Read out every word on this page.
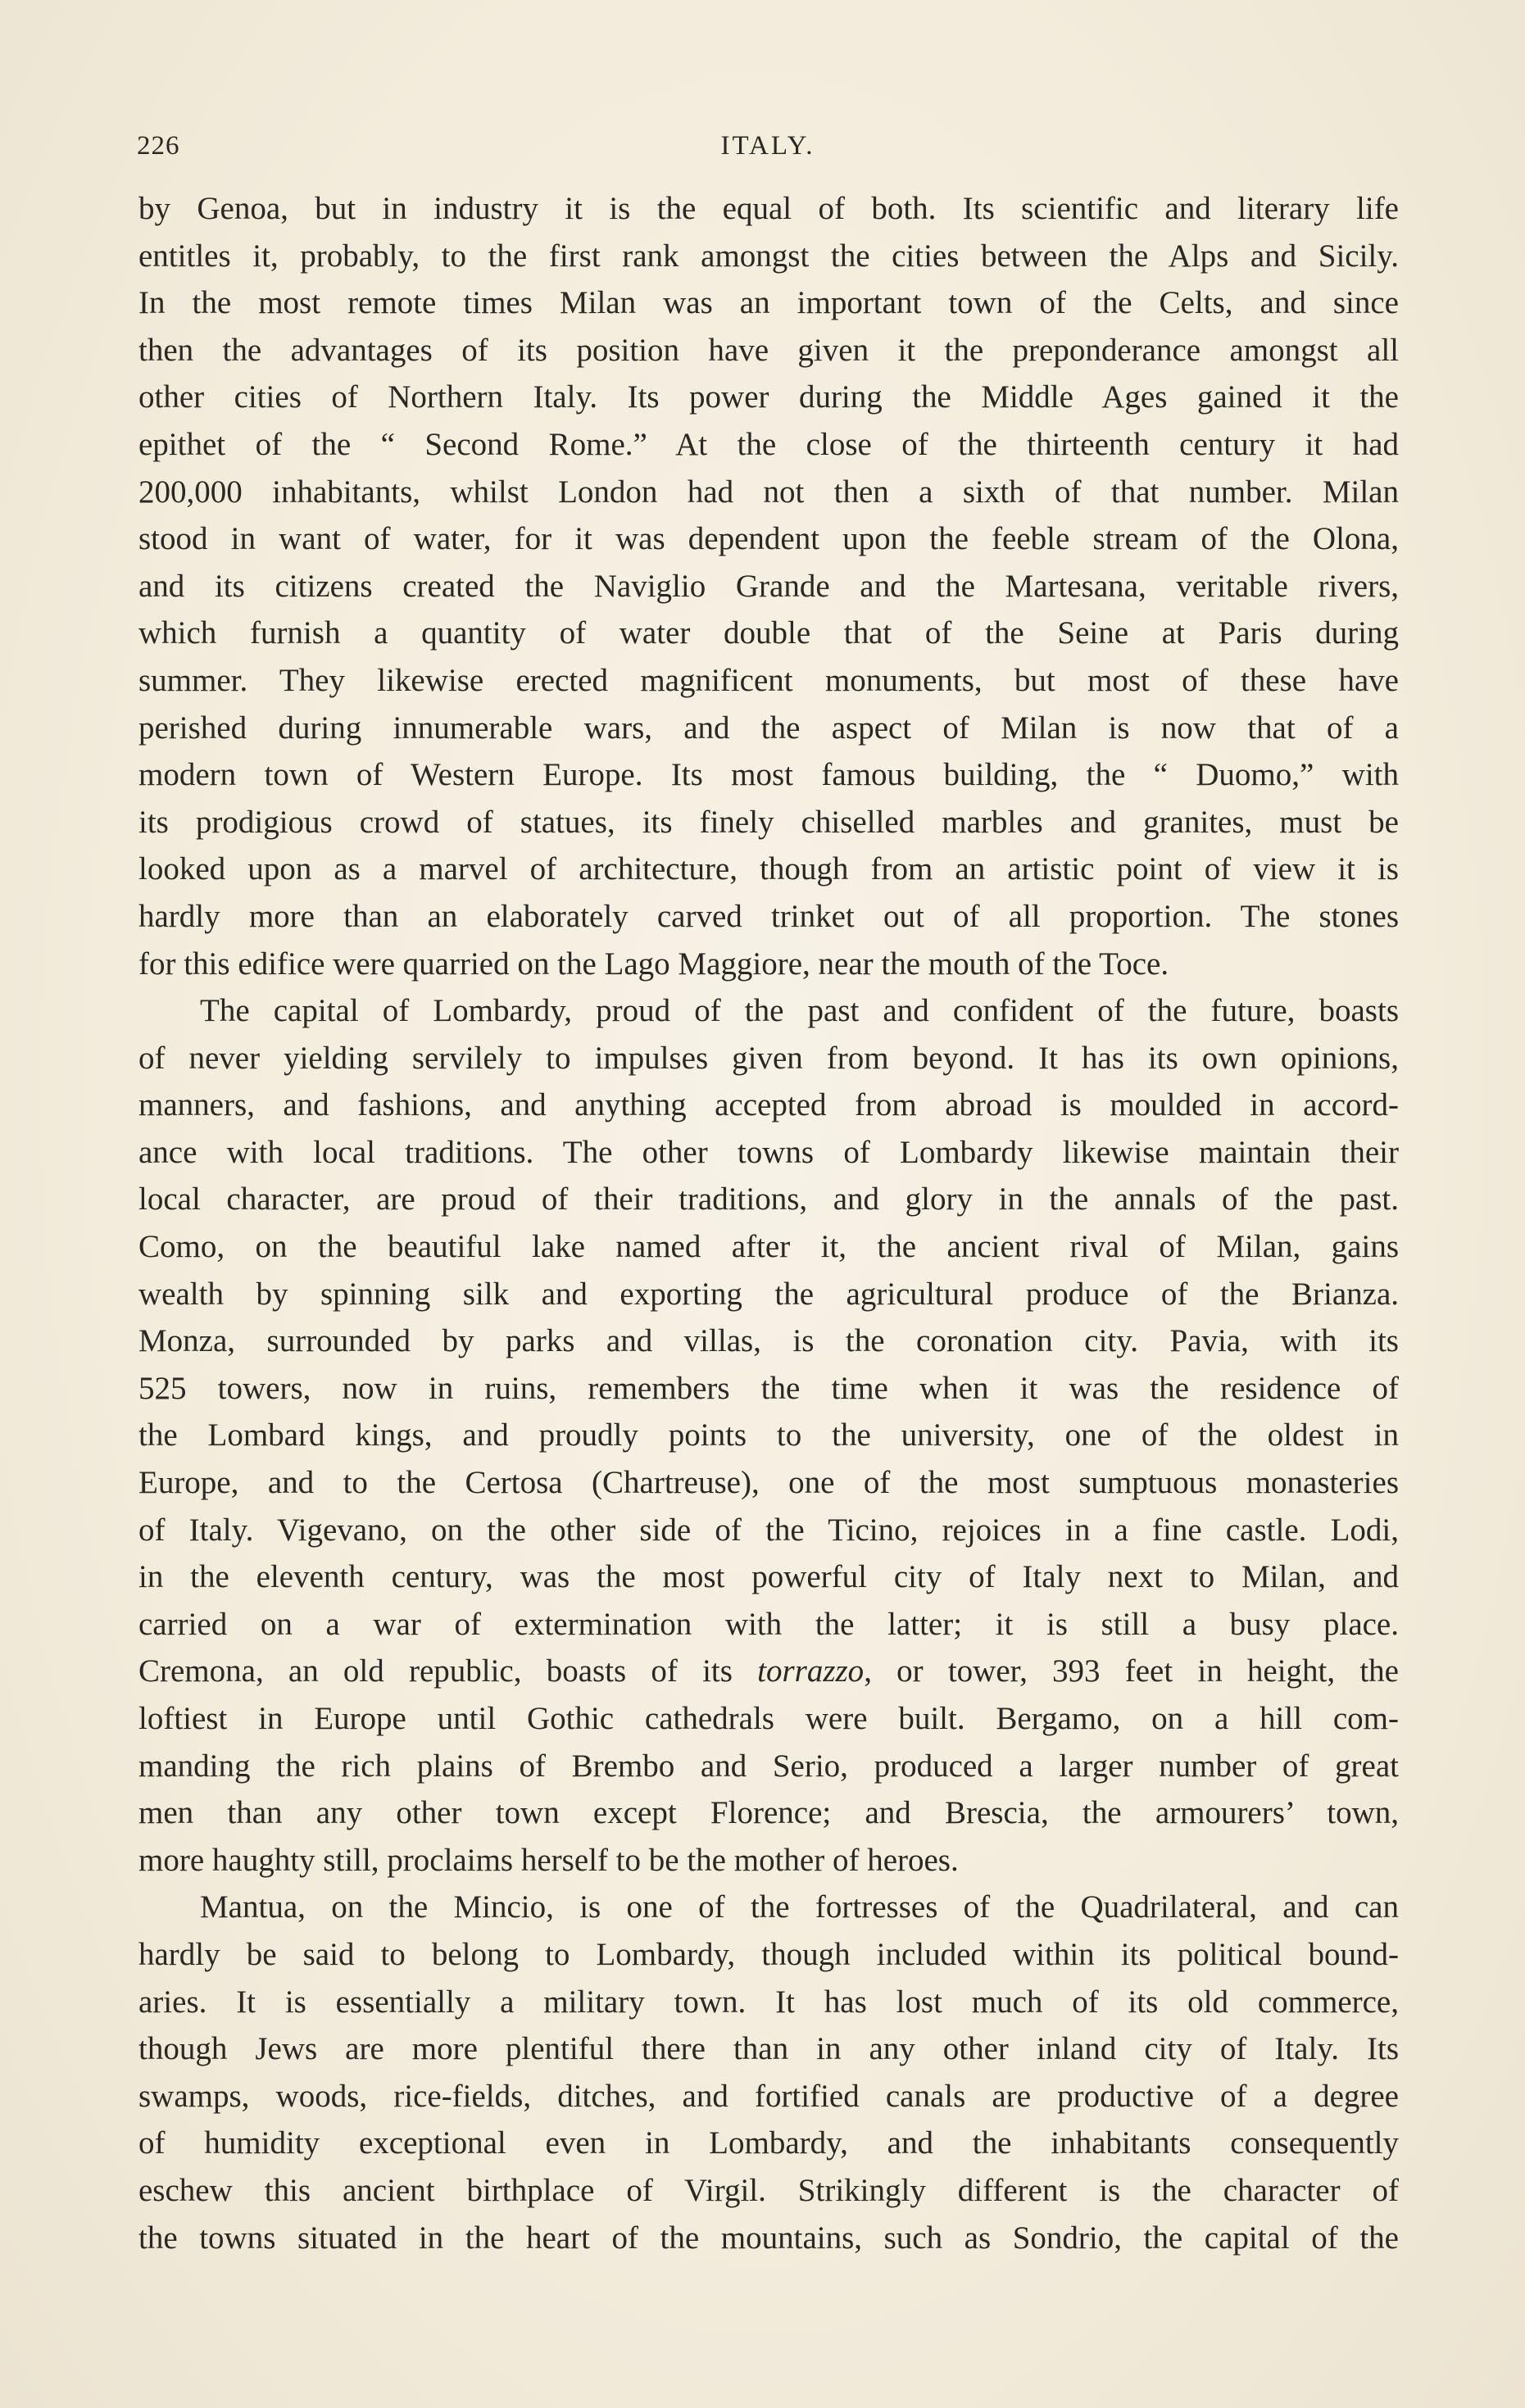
226	ITALY.
by Genoa, but in industry it is the equal of both. Its scientific and literary life
entitles it, probably, to the first rank amongst the cities between the Alps and Sicily.
In the most remote times Milan was an important town of the Celts, and since
then the advantages of its position have given it the preponderance amongst all
other cities of Northern Italy. Its power during the Middle Ages gained it the
epithet of the “ Second Rome.” At the close of the thirteenth century it had
200,000 inhabitants, whilst London had not then a sixth of that number. Milan
stood in want of water, for it was dependent upon the feeble stream of the Olona,
and its citizens created the Naviglio Grande and the Martesana, veritable rivers,
which furnish a quantity of water double that of the Seine at Paris during
summer. They likewise erected magnificent monuments, but most of these have
perished during innumerable wars, and the aspect of Milan is now that of a
modern town of Western Europe. Its most famous building, the “ Duomo,” with
its prodigious crowd of statues, its finely chiselled marbles and granites, must be
looked upon as a marvel of architecture, though from an artistic point of view it is
hardly more than an elaborately carved trinket out of all proportion. The stones
for this edifice were quarried on the Lago Maggiore, near the mouth of the Toce.
The capital of Lombardy, proud of the past and confident of the future, boasts
of never yielding servilely to impulses given from beyond. It has its own opinions,
manners, and fashions, and anything accepted from abroad is moulded in accord-
ance with local traditions. The other towns of Lombardy likewise maintain their
local character, are proud of their traditions, and glory in the annals of the past.
Como, on the beautiful lake named after it, the ancient rival of Milan, gains
wealth by spinning silk and exporting the agricultural produce of the Brianza.
Monza, surrounded by parks and villas, is the coronation city. Pavia, with its
525 towers, now in ruins, remembers the time when it was the residence of
the Lombard kings, and proudly points to the university, one of the oldest in
Europe, and to the Certosa (Chartreuse), one of the most sumptuous monasteries
of Italy. Vigevano, on the other side of the Ticino, rejoices in a fine castle. Lodi,
in the eleventh century, was the most powerful city of Italy next to Milan, and
carried on a war of extermination with the latter; it is still a busy place.
Cremona, an old republic, boasts of its torrazzo, or tower, 393 feet in height, the
loftiest in Europe until Gothic cathedrals were built. Bergamo, on a hill com-
manding the rich plains of Brembo and Serio, produced a larger number of great
men than any other town except Florence; and Brescia, the armourers’ town,
more haughty still, proclaims herself to be the mother of heroes.
Mantua, on the Mincio, is one of the fortresses of the Quadrilateral, and can
hardly be said to belong to Lombardy, though included within its political bound-
aries. It is essentially a military town. It has lost much of its old commerce,
though Jews are more plentiful there than in any other inland city of Italy. Its
swamps, woods, rice-fields, ditches, and fortified canals are productive of a degree
of humidity exceptional even in Lombardy, and the inhabitants consequently
eschew this ancient birthplace of Virgil. Strikingly different is the character of
the towns situated in the heart of the mountains, such as Sondrio, the capital of the
